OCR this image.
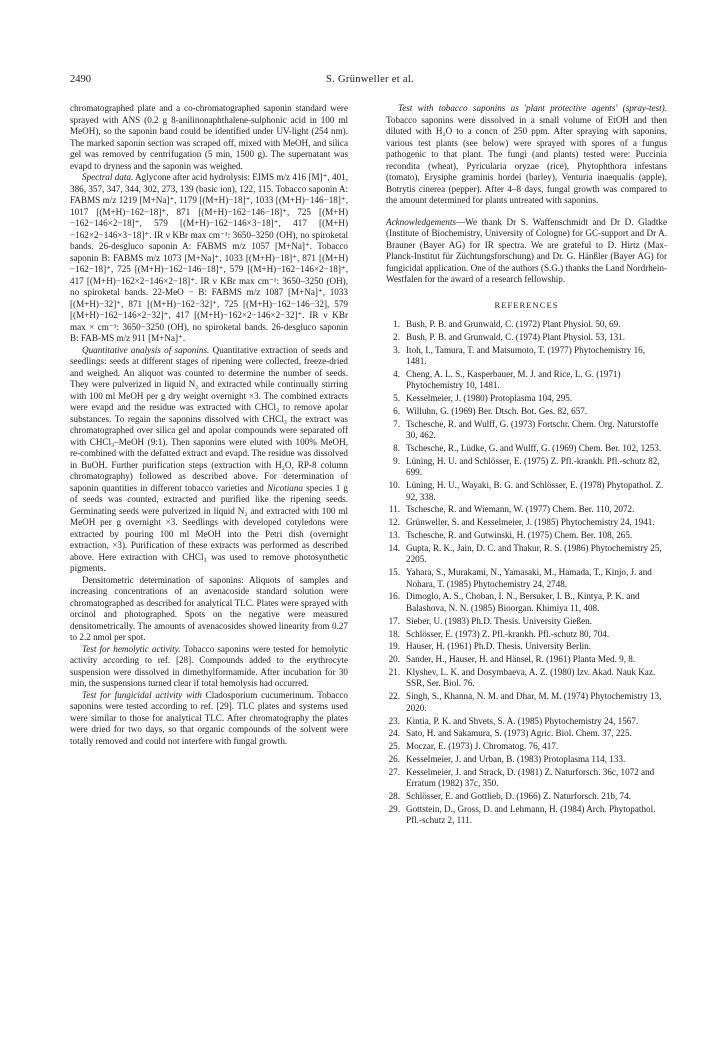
2490	S. Grünweller et al.

chromatographed plate and a co-chromatographed saponin standard were sprayed with ANS (0.2 g 8-anilinonaphthalene-sulphonic acid in 100 ml MeOH), so the saponin band could be identified under UV-light (254 nm). The marked saponin section was scraped off, mixed with MeOH, and silica gel was removed by centrifugation (5 min, 1500 g). The supernatant was evapd to dryness and the saponin was weighed.

Spectral data. Aglycone after acid hydrolysis: EIMS m/z 416 [M]⁺, 401, 386, 357, 347, 344, 302, 273, 139 (basic ion), 122, 115. Tobacco saponin A: FABMS m/z 1219 [M+Na]⁺, 1179 [(M+H)−18]⁺, 1033 [(M+H)−146−18]⁺, 1017 [(M+H)−162−18]⁺, 871 [(M+H)−162−146−18]⁺, 725 [(M+H)−162−146×2−18]⁺, 579 [(M+H)−162−146×3−18]⁺, 417 [(M+H)−162×2−146×3−18]⁺. IR ν KBr max cm⁻¹: 3650–3250 (OH), no spiroketal bands. 26-desgluco saponin A: FABMS m/z 1057 [M+Na]⁺. Tobacco saponin B: FABMS m/z 1073 [M+Na]⁺, 1033 [(M+H)−18]⁺, 871 [(M+H)−162−18]⁺, 725 [(M+H)−162−146−18]⁺, 579 [(M+H)−162−146×2−18]⁺, 417 [(M+H)−162×2−146×2−18]⁺. IR ν KBr max cm⁻¹: 3650–3250 (OH), no spiroketal bands. 22-MeO − B: FABMS m/z 1087 [M+Na]⁺, 1033 [(M+H)−32]⁺, 871 [(M+H)−162−32]⁺, 725 [(M+H)−162−146−32], 579 [(M+H)−162−146×2−32]⁺, 417 [(M+H)−162×2−146×2−32]⁺. IR ν KBr max × cm⁻¹: 3650−3250 (OH), no spiroketal bands. 26-desgluco saponin B: FAB-MS m/z 911 [M+Na]⁺.

Quantitative analysis of saponins. Quantitative extraction of seeds and seedlings: seeds at different stages of ripening were collected, freeze-dried and weighed. An aliquot was counted to determine the number of seeds. They were pulverized in liquid N₂ and extracted while continually stirring with 100 ml MeOH per g dry weight overnight ×3. The combined extracts were evapd and the residue was extracted with CHCl₃ to remove apolar substances. To regain the saponins dissolved with CHCl₃ the extract was chromatographed over silica gel and apolar compounds were separated off with CHCl₃–MeOH (9:1). Then saponins were eluted with 100% MeOH, re-combined with the defatted extract and evapd. The residue was dissolved in BuOH. Further purification steps (extraction with H₂O, RP-8 column chromatography) followed as described above. For determination of saponin quantities in different tobacco varieties and Nicotiana species 1 g of seeds was counted, extracted and purified like the ripening seeds. Germinating seeds were pulverized in liquid N₂ and extracted with 100 ml MeOH per g overnight ×3. Seedlings with developed cotyledons were extracted by pouring 100 ml MeOH into the Petri dish (overnight extraction, ×3). Purification of these extracts was performed as described above. Here extraction with CHCl₃ was used to remove photosynthetic pigments.

Densitometric determination of saponins: Aliquots of samples and increasing concentrations of an avenacoside standard solution were chromatographed as described for analytical TLC. Plates were sprayed with orcinol and photographed. Spots on the negative were measured densitometrically. The amounts of avenacosides showed linearity from 0.27 to 2.2 nmol per spot.

Test for hemolytic activity. Tobacco saponins were tested for hemolytic activity according to ref. [28]. Compounds added to the erythrocyte suspension were dissolved in dimethylformamide. After incubation for 30 min, the suspensions turned clear if total hemolysis had occurred.

Test for fungicidal activity with Cladosporium cucumerinum. Tobacco saponins were tested according to ref. [29]. TLC plates and systems used were similar to those for analytical TLC. After chromatography the plates were dried for two days, so that organic compounds of the solvent were totally removed and could not interfere with fungal growth.

Test with tobacco saponins as 'plant protective agents' (spray-test). Tobacco saponins were dissolved in a small volume of EtOH and then diluted with H₂O to a concn of 250 ppm. After spraying with saponins, various test plants (see below) were sprayed with spores of a fungus pathogenic to that plant. The fungi (and plants) tested were: Puccinia recondita (wheat), Pyricularia oryzae (rice), Phytophthora infestans (tomato), Erysiphe graminis hordei (barley), Venturia inaequalis (apple), Botrytis cinerea (pepper). After 4–8 days, fungal growth was compared to the amount determined for plants untreated with saponins.

Acknowledgements—We thank Dr S. Waffenschmidt and Dr D. Gladtke (Institute of Biochemistry, University of Cologne) for GC-support and Dr A. Brauner (Bayer AG) for IR spectra. We are grateful to D. Hirtz (Max-Planck-Institut für Züchtungsforschung) and Dr. G. Hänßler (Bayer AG) for fungicidal application. One of the authors (S.G.) thanks the Land Nordrhein-Westfalen for the award of a research fellowship.

REFERENCES
1. Bush, P. B. and Grunwald, C. (1972) Plant Physiol. 50, 69.
2. Bush, P. B. and Grunwald, C. (1974) Plant Physiol. 53, 131.
3. Itoh, I., Tamura, T. and Matsumoto, T. (1977) Phytochemistry 16, 1481.
4. Cheng, A. L. S., Kasperbauer, M. J. and Rice, L. G. (1971) Phytochemistry 10, 1481.
5. Kesselmeier, J. (1980) Protoplasma 104, 295.
6. Willuhn, G. (1969) Ber. Dtsch. Bot. Ges. 82, 657.
7. Tschesche, R. and Wulff, G. (1973) Fortschr. Chem. Org. Naturstoffe 30, 462.
8. Tschesche, R., Lüdke, G. and Wulff, G. (1969) Chem. Ber. 102, 1253.
9. Lüning, H. U. and Schlösser, E. (1975) Z. Pfl.-krankh. Pfl.-schutz 82, 699.
10. Lüning, H. U., Wayaki, B. G. and Schlösser, E. (1978) Phytopathol. Z. 92, 338.
11. Tschesche, R. and Wiemann, W. (1977) Chem. Ber. 110, 2072.
12. Grünweller, S. and Kesselmeier, J. (1985) Phytochemistry 24, 1941.
13. Tschesche, R. and Gutwinski, H. (1975) Chem. Ber. 108, 265.
14. Gupta, R. K., Jain, D. C. and Thakur, R. S. (1986) Phytochemistry 25, 2205.
15. Yahara, S., Murakami, N., Yamasaki, M., Hamada, T., Kinjo, J. and Nohara, T. (1985) Phytochemistry 24, 2748.
16. Dimoglo, A. S., Choban, I. N., Bersuker, I. B., Kintya, P. K. and Balashova, N. N. (1985) Bioorgan. Khimiya 11, 408.
17. Sieber, U. (1983) Ph.D. Thesis. University Gießen.
18. Schlösser, E. (1973) Z. Pfl.-krankh. Pfl.-schutz 80, 704.
19. Hauser, H. (1961) Ph.D. Thesis. University Berlin.
20. Sander, H., Hauser, H. and Hänsel, R. (1961) Planta Med. 9, 8.
21. Klyshev, L. K. and Dosymbaeva, A. Z. (1980) Izv. Akad. Nauk Kaz. SSR, Ser. Biol. 76.
22. Singh, S., Khanna, N. M. and Dhar, M. M. (1974) Phytochemistry 13, 2020.
23. Kintia, P. K. and Shvets, S. A. (1985) Phytochemistry 24, 1567.
24. Sato, H. and Sakamura, S. (1973) Agric. Biol. Chem. 37, 225.
25. Moczar, E. (1973) J. Chromatog. 76, 417.
26. Kesselmeier, J. and Urban, B. (1983) Protoplasma 114, 133.
27. Kesselmeier, J. and Strack, D. (1981) Z. Naturforsch. 36c, 1072 and Erratum (1982) 37c, 350.
28. Schlösser, E. and Gottlieb, D. (1966) Z. Naturforsch. 21b, 74.
29. Gottstein, D., Gross, D. and Lehmann, H. (1984) Arch. Phytopathol. Pfl.-schutz 2, 111.
